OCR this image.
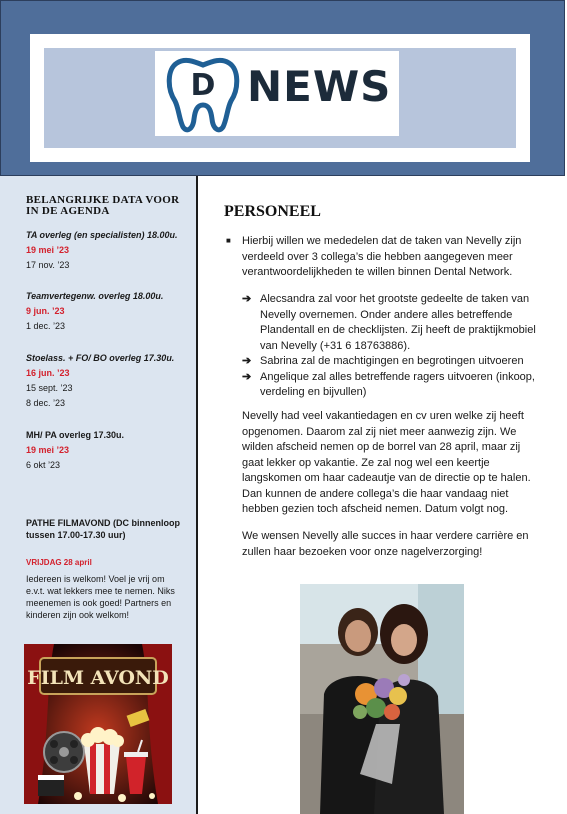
D NEWS
BELANGRIJKE DATA VOOR IN DE AGENDA
TA overleg (en specialisten) 18.00u.
19 mei ’23
17 nov. ’23
Teamvertegenw. overleg 18.00u.
9 jun. ’23
1 dec. ’23
Stoelass. + FO/ BO overleg 17.30u.
16 jun. ’23
15 sept. ’23
8 dec. ’23
MH/ PA overleg 17.30u.
19 mei ’23
6 okt ’23
PATHE FILMAVOND (DC binnenloop tussen 17.00-17.30 uur)
VRIJDAG 28 april
Iedereen is welkom! Voel je vrij om e.v.t. wat lekkers mee te nemen. Niks meenemen is ook goed! Partners en kinderen zijn ook welkom!
FILM AVOND
PERSONEEL
■ Hierbij willen we mededelen dat de taken van Nevelly zijn verdeeld over 3 collega’s die hebben aangegeven meer verantwoordelijkheden te willen binnen Dental Network.
➔ Alecsandra zal voor het grootste gedeelte de taken van Nevelly overnemen. Onder andere alles betreffende Plandentall en de checklijsten. Zij heeft de praktijkmobiel van Nevelly (+31 6 18763886).
➔ Sabrina zal de machtigingen en begrotingen uitvoeren
➔ Angelique zal alles betreffende ragers uitvoeren (inkoop, verdeling en bijvullen)
Nevelly had veel vakantiedagen en cv uren welke zij heeft opgenomen. Daarom zal zij niet meer aanwezig zijn. We wilden afscheid nemen op de borrel van 28 april, maar zij gaat lekker op vakantie. Ze zal nog wel een keertje langskomen om haar cadeautje van de directie op te halen. Dan kunnen de andere collega’s die haar vandaag niet hebben gezien toch afscheid nemen. Datum volgt nog.
We wensen Nevelly alle succes in haar verdere carrière en zullen haar bezoeken voor onze nagelverzorging!
